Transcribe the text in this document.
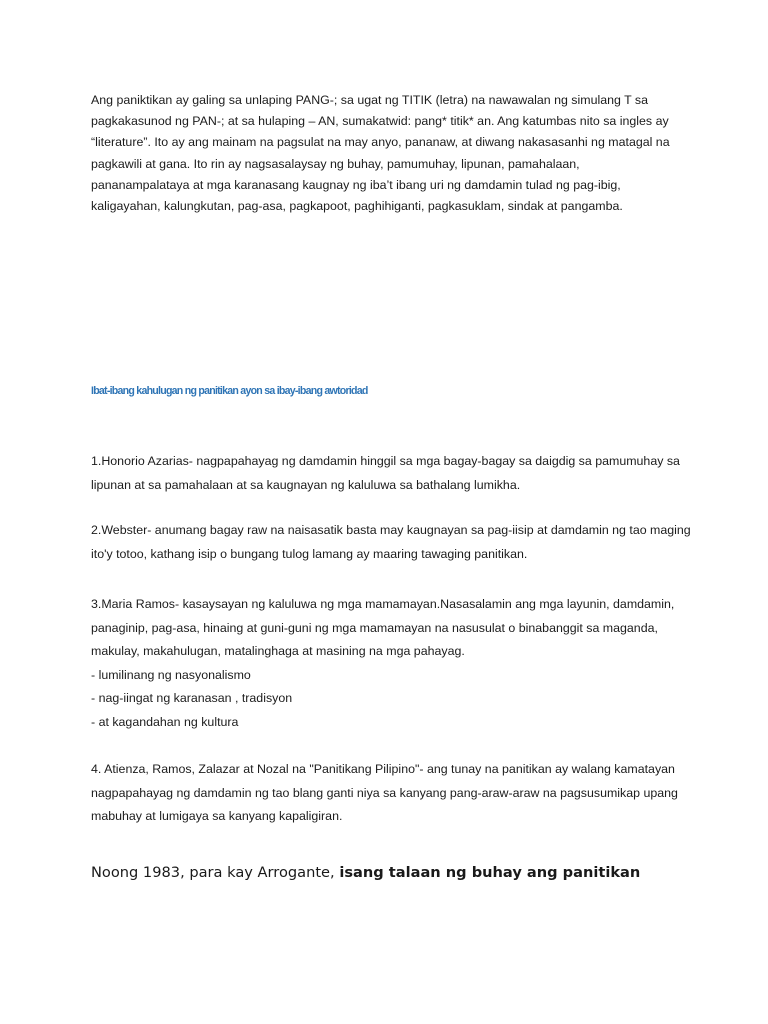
Ang paniktikan ay galing sa unlaping PANG-; sa ugat ng TITIK (letra) na nawawalan ng simulang T sa pagkakasunod ng PAN-; at sa hulaping – AN, sumakatwid: pang* titik* an. Ang katumbas nito sa ingles ay “literature”. Ito ay ang mainam na pagsulat na may anyo, pananaw, at diwang nakasasanhi ng matagal na pagkawili at gana. Ito rin ay nagsasalaysay ng buhay, pamumuhay, lipunan, pamahalaan, pananampalataya at mga karanasang kaugnay ng iba’t ibang uri ng damdamin tulad ng pag-ibig, kaligayahan, kalungkutan, pag-asa, pagkapoot, paghihiganti, pagkasuklam, sindak at pangamba.

Ibat-ibang kahulugan ng panitikan ayon sa ibay-ibang awtoridad

1.Honorio Azarias- nagpapahayag ng damdamin hinggil sa mga bagay-bagay sa daigdig sa pamumuhay sa lipunan at sa pamahalaan at sa kaugnayan ng kaluluwa sa bathalang lumikha.

2.Webster- anumang bagay raw na naisasatik basta may kaugnayan sa pag-iisip at damdamin ng tao maging ito'y totoo, kathang isip o bungang tulog lamang ay maaring tawaging panitikan.

3.Maria Ramos- kasaysayan ng kaluluwa ng mga mamamayan.Nasasalamin ang mga layunin, damdamin, panaginip, pag-asa, hinaing at guni-guni ng mga mamamayan na nasusulat o binabanggit sa maganda, makulay, makahulugan, matalinghaga at masining na mga pahayag.
- lumilinang ng nasyonalismo
- nag-iingat ng karanasan , tradisyon
- at kagandahan ng kultura

4. Atienza, Ramos, Zalazar at Nozal na "Panitikang Pilipino"- ang tunay na panitikan ay walang kamatayan nagpapahayag ng damdamin ng tao blang ganti niya sa kanyang pang-araw-araw na pagsusumikap upang mabuhay at lumigaya sa kanyang kapaligiran.

Noong 1983, para kay Arrogante, isang talaan ng buhay ang panitikan
